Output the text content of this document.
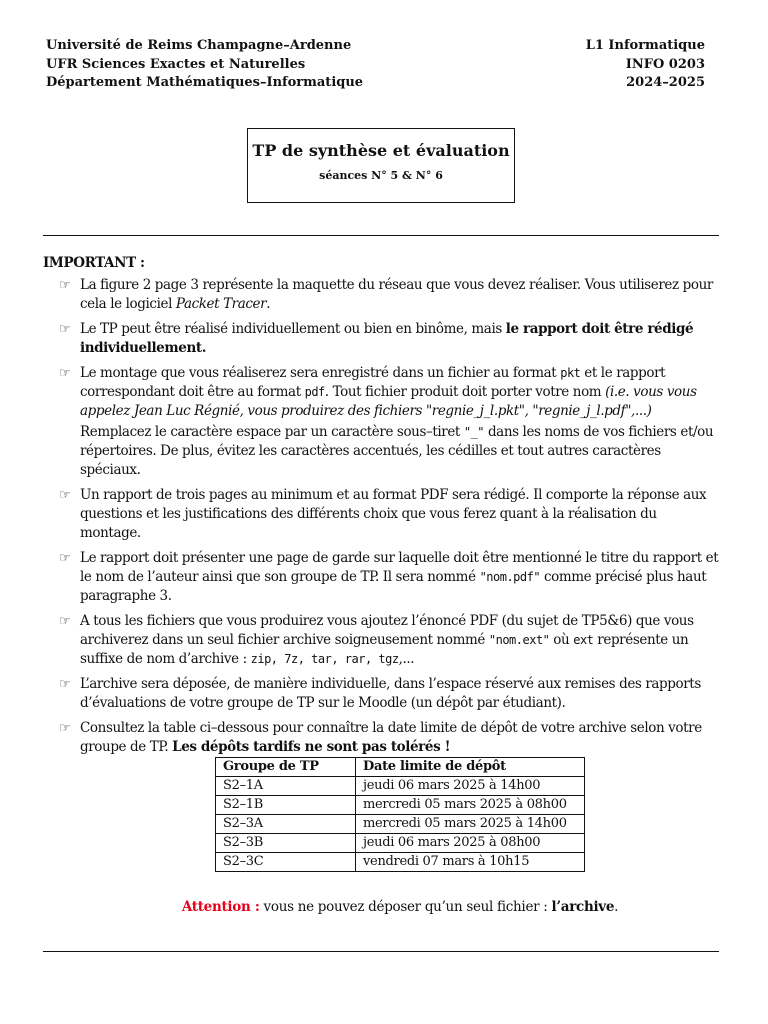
Université de Reims Champagne–Ardenne
UFR Sciences Exactes et Naturelles
Département Mathématiques–Informatique
L1 Informatique
INFO 0203
2024–2025
TP de synthèse et évaluation
séances N° 5 & N° 6
IMPORTANT :
☞ La figure 2 page 3 représente la maquette du réseau que vous devez réaliser. Vous utiliserez pour cela le logiciel Packet Tracer.

☞ Le TP peut être réalisé individuellement ou bien en binôme, mais le rapport doit être rédigé individuellement.

☞ Le montage que vous réaliserez sera enregistré dans un fichier au format pkt et le rapport correspondant doit être au format pdf. Tout fichier produit doit porter votre nom (i.e. vous vous appelez Jean Luc Régnié, vous produirez des fichiers "regnie_j_l.pkt", "regnie_j_l.pdf",...)

Remplacez le caractère espace par un caractère sous–tiret "_" dans les noms de vos fichiers et/ou répertoires. De plus, évitez les caractères accentués, les cédilles et tout autres caractères spéciaux.

☞ Un rapport de trois pages au minimum et au format PDF sera rédigé. Il comporte la réponse aux questions et les justifications des différents choix que vous ferez quant à la réalisation du montage.

☞ Le rapport doit présenter une page de garde sur laquelle doit être mentionné le titre du rapport et le nom de l’auteur ainsi que son groupe de TP. Il sera nommé "nom.pdf" comme précisé plus haut paragraphe 3.

☞ A tous les fichiers que vous produirez vous ajoutez l’énoncé PDF (du sujet de TP5&6) que vous archiverez dans un seul fichier archive soigneusement nommé "nom.ext" où ext représente un suffixe de nom d’archive : zip, 7z, tar, rar, tgz,...

☞ L’archive sera déposée, de manière individuelle, dans l’espace réservé aux remises des rapports d’évaluations de votre groupe de TP sur le Moodle (un dépôt par étudiant).

☞ Consultez la table ci–dessous pour connaître la date limite de dépôt de votre archive selon votre groupe de TP. Les dépôts tardifs ne sont pas tolérés !

Groupe de TP	Date limite de dépôt
S2–1A	jeudi 06 mars 2025 à 14h00
S2–1B	mercredi 05 mars 2025 à 08h00
S2–3A	mercredi 05 mars 2025 à 14h00
S2–3B	jeudi 06 mars 2025 à 08h00
S2–3C	vendredi 07 mars à 10h15
Attention : vous ne pouvez déposer qu’un seul fichier : l’archive.
